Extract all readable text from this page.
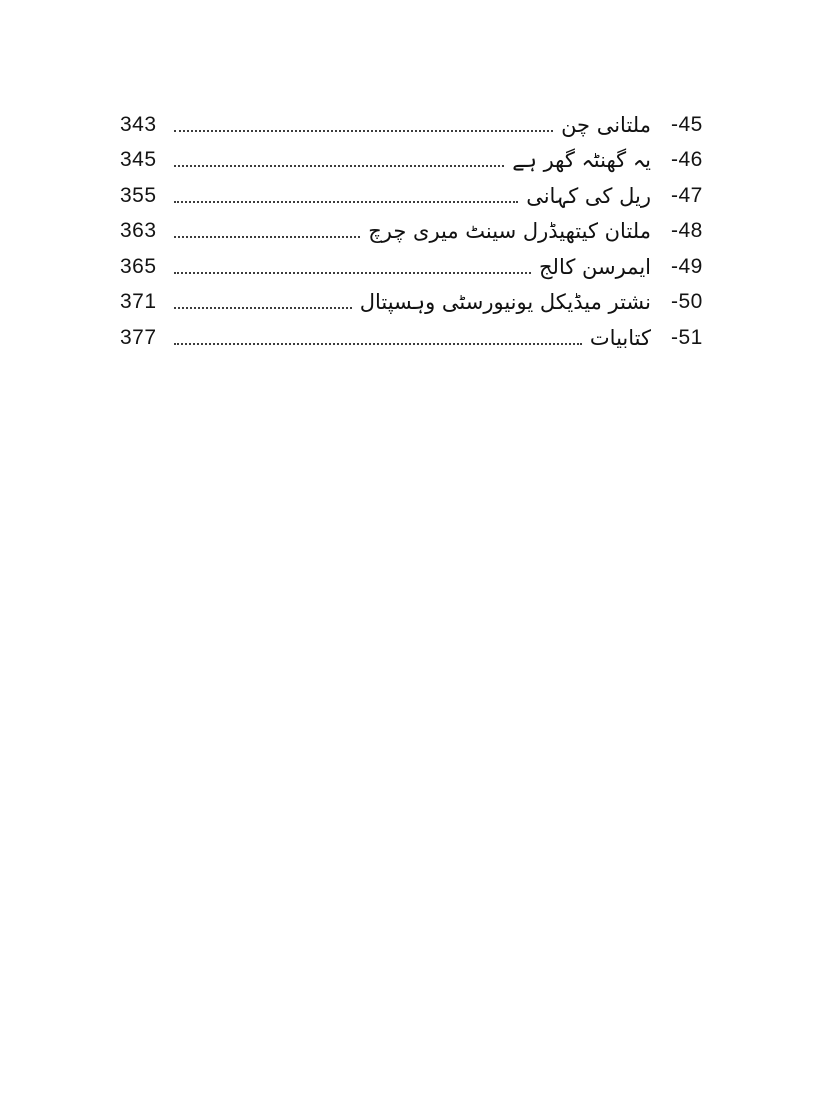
-45
ملتانی چن
343
-46
یہ گھنٹہ گھر ہے
345
-47
ریل کی کہانی
355
-48
ملتان کیتھیڈرل سینٹ میری چرچ
363
-49
ایمرسن کالج
365
-50
نشتر میڈیکل یونیورسٹی وہسپتال
371
-51
کتابیات
377
